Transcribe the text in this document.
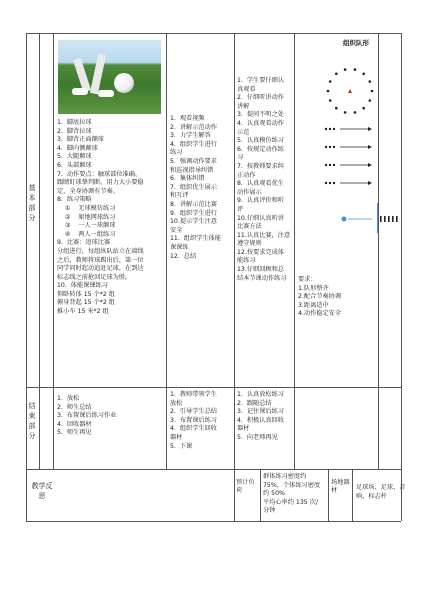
基本部分
结束部分
教学反思
1.  脚底拉球
2.  脚背拉球
3.  脚背正面颠球
4.  脚内侧颠球
5.  大腿颠球
6.  头部颠球
7.  动作要点：触球部位准确、
跟睛盯球挚判断，用力大小要稳
定，全身协调有节奏。
8.  练习策略
①    无球模仿练习
②    原地网球练习
③    一人一球颠球
④    两人一组练习
9.  比赛：追球比赛
分组进行，每组纵队站立在端线
之后，教师将球踢出后，第一位
同学同时起动追赶足球，在到达
标志线之前抢回足球为胜。
10.  体能课课练习
仰卧转体 15 个*2 组
俯身背起 15 个*2 组
推小车 15 米*2 组
1.  观看视频
2.  讲解示范动作
3.  力学生解答
4.  组织学生进行
练习
5.  强调动作要求
和巡视指导纠错
6.  集体纠错
7.  组织优生展示
和互评
8.  讲解示范比赛
9.  组织学生进行
10.提示学生注意
安全
11.  组织学生体能
课课练
12.  总结
1.  学生要仔细认
真观看
2.  仔细听讲动作
讲解
3.  提问不明之处
4.  认真观看动作
示范
5.  认真模仿练习
6.  按规定动作练
习
7.  按教师要求纠
正动作
8.  认真观看优生
动作展示
9.  认真评价和听
评
10.仔细认真听讲
比赛方法
11.认真比赛，注意
遵守规则
12.按要求完成体
能练习
13.仔细回顾和总
结本节课动作练习
组织队形
要求：
1.队形整齐
2.配合节奏协调
3.距离适中
4.动作稳定安全
1.  放松
2.  师生总结
3.  布置课后练习作业
4.  回收器材
5.  师生再见
1.  教师带领学生
放松
2.  引导学生总结
3.  布置课后练习
4.  组织学生回收
器材
5.  下课
1.  认真放松练习
2.  跟随总结
3.  记住课后练习
4.  积极认真回收
器材
5.  向老师再见
预计负荷
群体练习密度约
75%，个体练习密度
约 50%
平均心率约 135 次/
分钟
场地器材	足球场、足球、音
响、标志杆
